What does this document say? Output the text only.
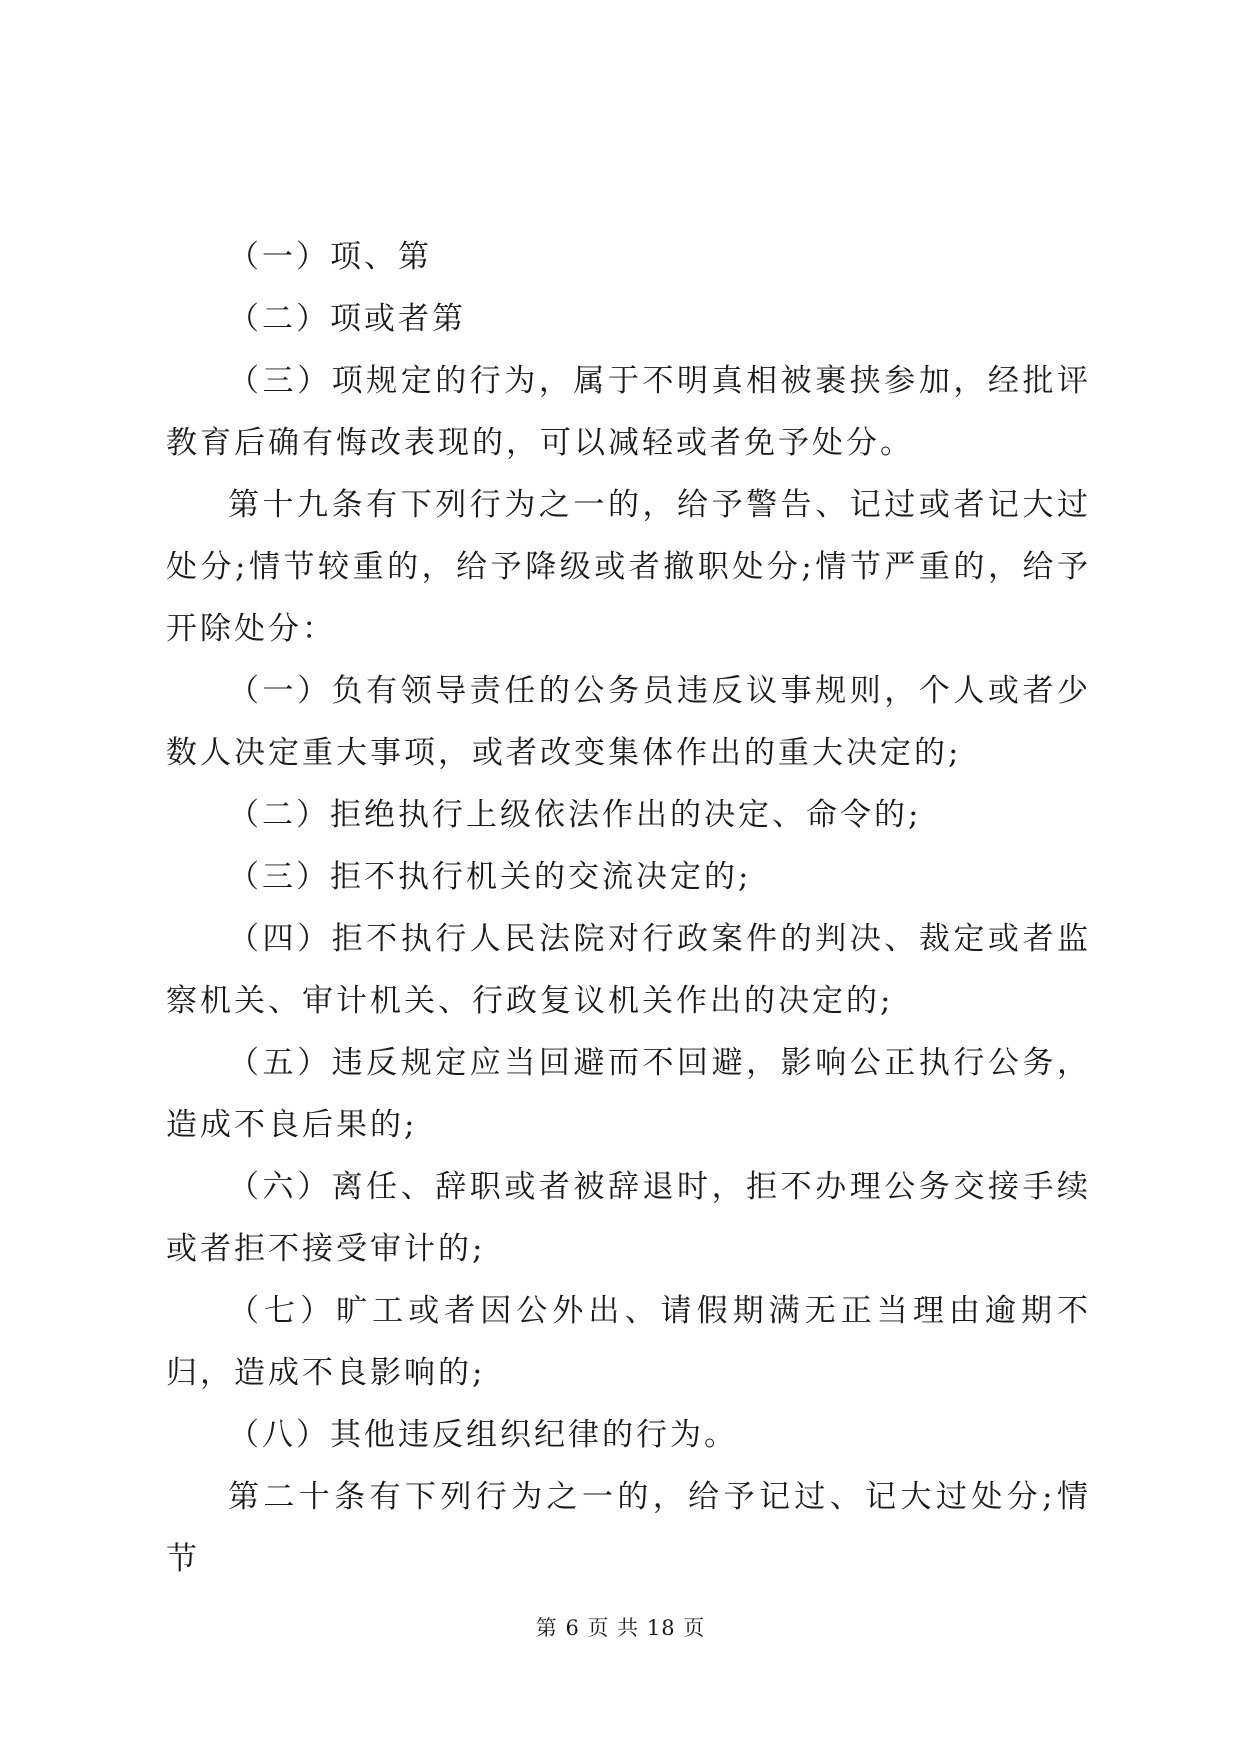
（一）项、第

（二）项或者第

（三）项规定的行为，属于不明真相被裹挟参加，经批评教育后确有悔改表现的，可以减轻或者免予处分。

第十九条有下列行为之一的，给予警告、记过或者记大过处分;情节较重的，给予降级或者撤职处分;情节严重的，给予开除处分：

（一）负有领导责任的公务员违反议事规则，个人或者少数人决定重大事项，或者改变集体作出的重大决定的;

（二）拒绝执行上级依法作出的决定、命令的;

（三）拒不执行机关的交流决定的;

（四）拒不执行人民法院对行政案件的判决、裁定或者监察机关、审计机关、行政复议机关作出的决定的;

（五）违反规定应当回避而不回避，影响公正执行公务，造成不良后果的;

（六）离任、辞职或者被辞退时，拒不办理公务交接手续或者拒不接受审计的;

（七）旷工或者因公外出、请假期满无正当理由逾期不归，造成不良影响的;

（八）其他违反组织纪律的行为。

第二十条有下列行为之一的，给予记过、记大过处分;情节

第 6 页 共 18 页
